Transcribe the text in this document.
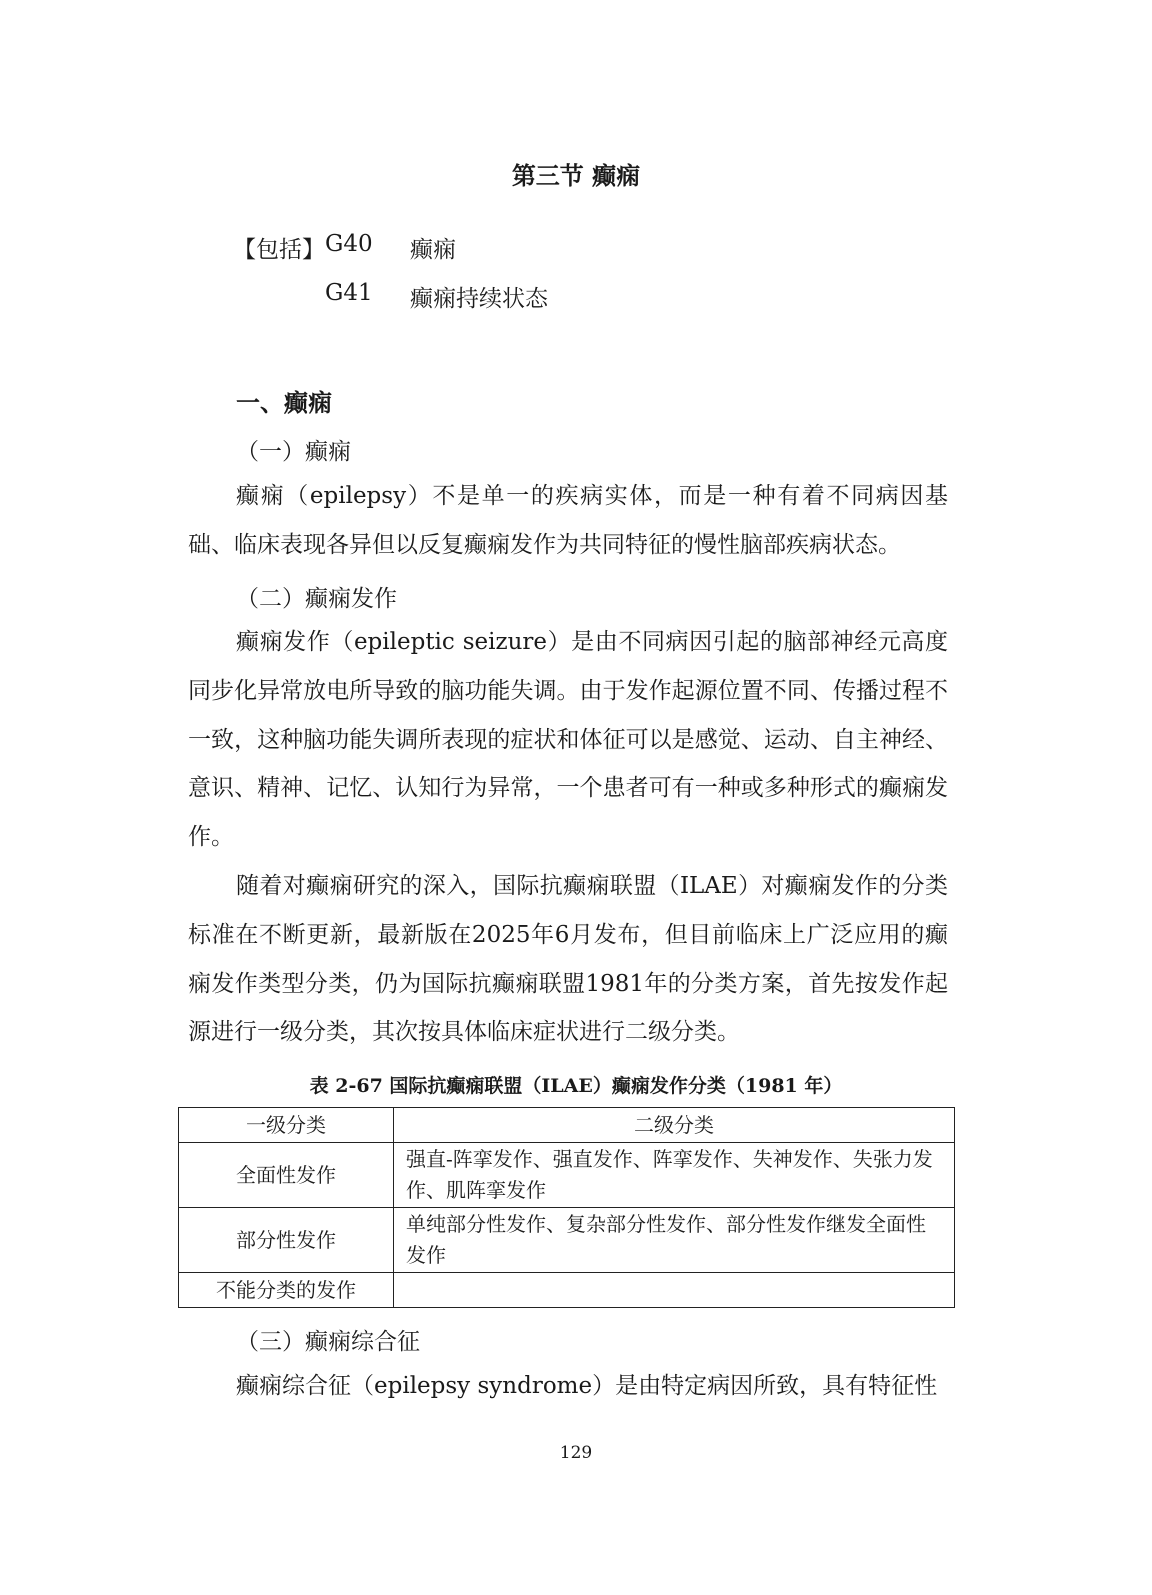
第三节 癫痫
【包括】 G40 癫痫
G41 癫痫持续状态
一、癫痫
（一）癫痫
癫痫（epilepsy）不是单一的疾病实体，而是一种有着不同病因基础、临床表现各异但以反复癫痫发作为共同特征的慢性脑部疾病状态。
（二）癫痫发作
癫痫发作（epileptic seizure）是由不同病因引起的脑部神经元高度同步化异常放电所导致的脑功能失调。由于发作起源位置不同、传播过程不一致，这种脑功能失调所表现的症状和体征可以是感觉、运动、自主神经、意识、精神、记忆、认知行为异常，一个患者可有一种或多种形式的癫痫发作。
随着对癫痫研究的深入，国际抗癫痫联盟（ILAE）对癫痫发作的分类标准在不断更新，最新版在2025年6月发布，但目前临床上广泛应用的癫痫发作类型分类，仍为国际抗癫痫联盟1981年的分类方案，首先按发作起源进行一级分类，其次按具体临床症状进行二级分类。
表 2-67 国际抗癫痫联盟（ILAE）癫痫发作分类（1981 年）
一级分类	二级分类
全面性发作	强直-阵挛发作、强直发作、阵挛发作、失神发作、失张力发作、肌阵挛发作
部分性发作	单纯部分性发作、复杂部分性发作、部分性发作继发全面性发作
不能分类的发作	
（三）癫痫综合征
癫痫综合征（epilepsy syndrome）是由特定病因所致，具有特征性
129
